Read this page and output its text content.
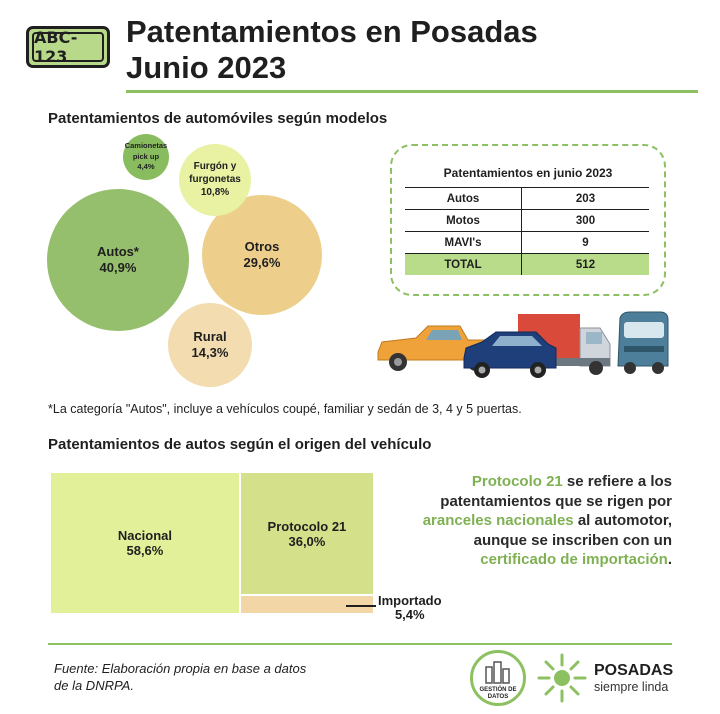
ABC-123
Patentamientos en Posadas
Junio 2023
Patentamientos de automóviles según modelos
Autos*
40,9%
Otros
29,6%
Rural
14,3%
Furgón y
furgonetas
10,8%
Camionetas
pick up
4,4%	Patentamientos en junio 2023
Autos	203
Motos	300
MAVI's	9
TOTAL	512
*La categoría "Autos", incluye a vehículos coupé, familiar y sedán de 3, 4 y 5 puertas.
Patentamientos de autos según el origen del vehículo
Nacional
58,6%
Protocolo 21
36,0%
Importado
5,4%
Protocolo 21 se refiere a los patentamientos que se rigen por aranceles nacionales al automotor, aunque se inscriben con un certificado de importación.
Fuente: Elaboración propia en base a datos de la DNRPA.	GESTIÓN DE DATOS
POSADAS
siempre linda
